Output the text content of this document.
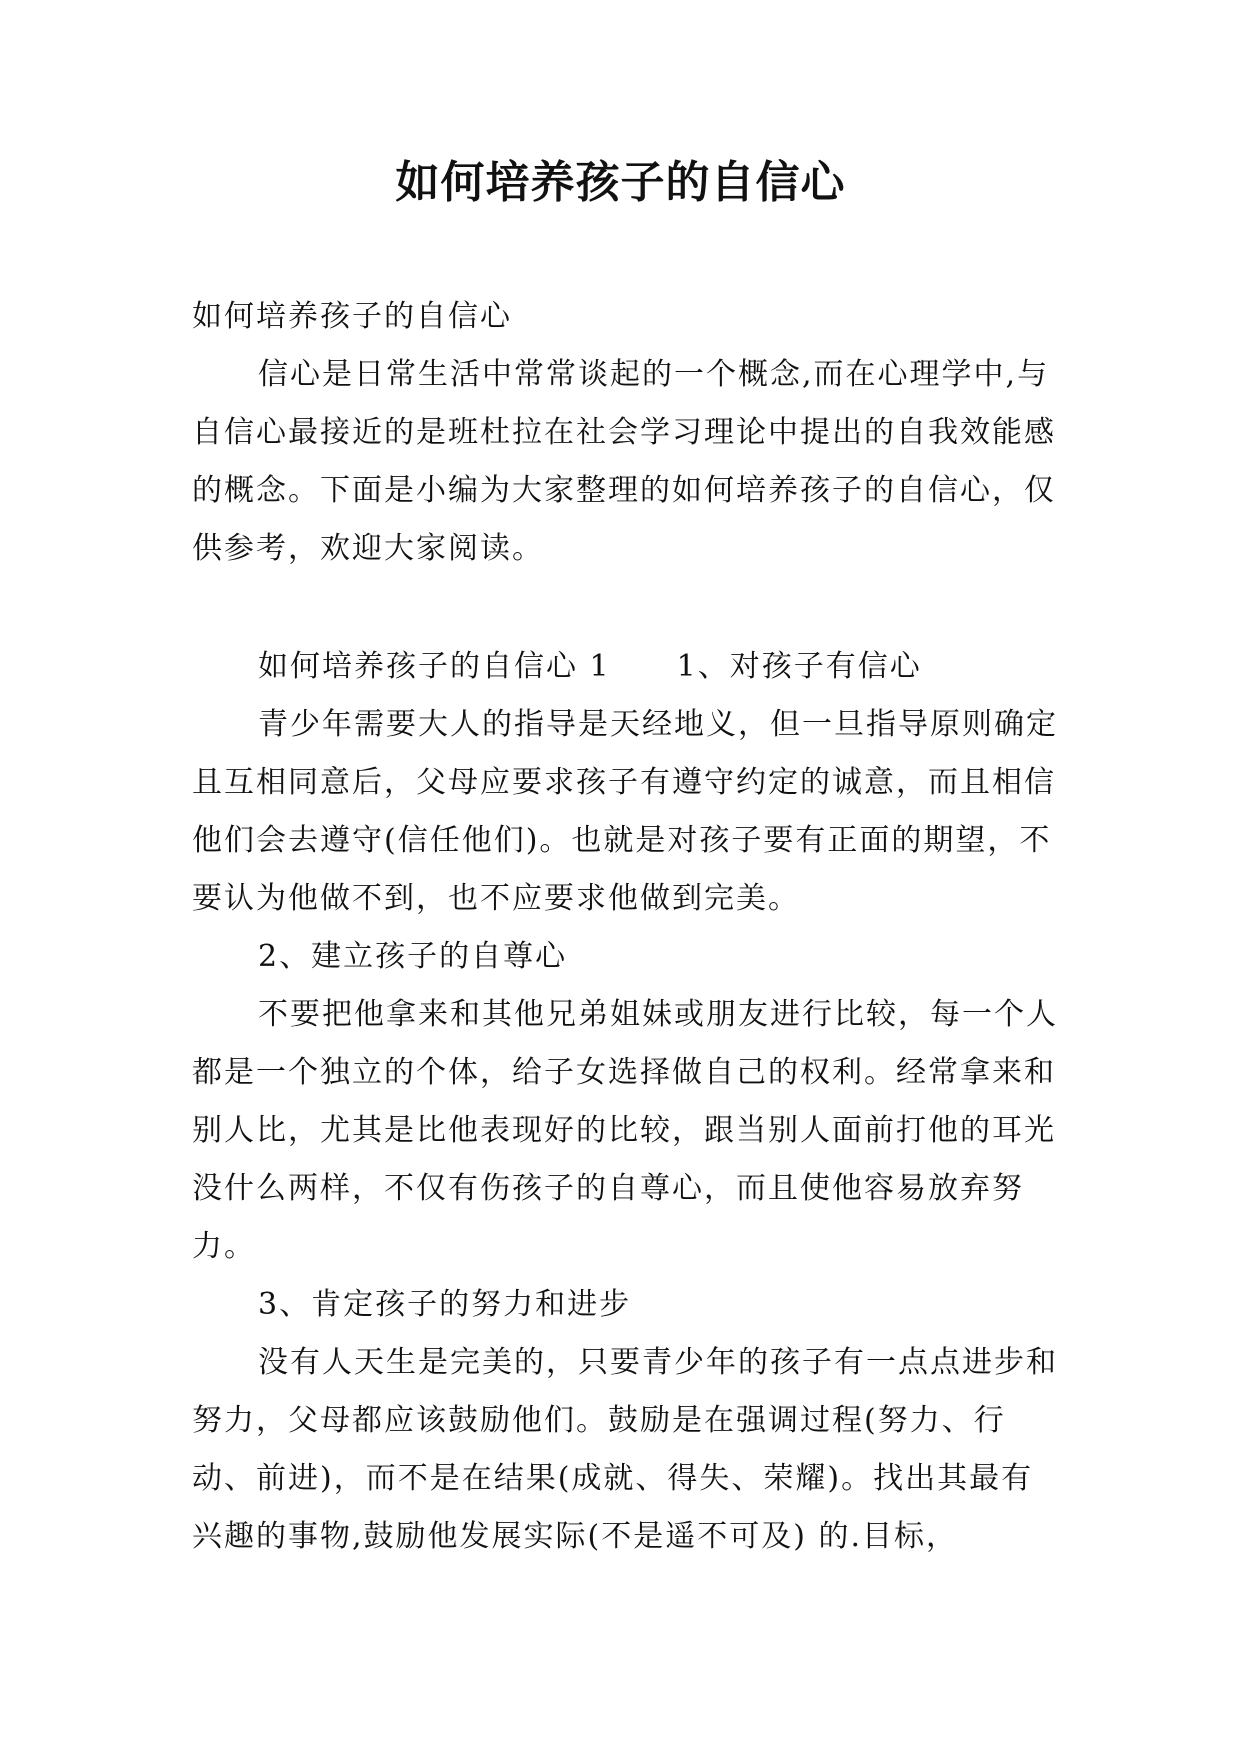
如何培养孩子的自信心

如何培养孩子的自信心

信心是日常生活中常常谈起的一个概念,而在心理学中,与自信心最接近的是班杜拉在社会学习理论中提出的自我效能感的概念。下面是小编为大家整理的如何培养孩子的自信心，仅供参考，欢迎大家阅读。

如何培养孩子的自信心 1 1、对孩子有信心

青少年需要大人的指导是天经地义，但一旦指导原则确定且互相同意后，父母应要求孩子有遵守约定的诚意，而且相信他们会去遵守(信任他们)。也就是对孩子要有正面的期望，不要认为他做不到，也不应要求他做到完美。

2、建立孩子的自尊心

不要把他拿来和其他兄弟姐妹或朋友进行比较，每一个人都是一个独立的个体，给子女选择做自己的权利。经常拿来和别人比，尤其是比他表现好的比较，跟当别人面前打他的耳光没什么两样，不仅有伤孩子的自尊心，而且使他容易放弃努力。

3、肯定孩子的努力和进步

没有人天生是完美的，只要青少年的孩子有一点点进步和努力，父母都应该鼓励他们。鼓励是在强调过程(努力、行动、前进)，而不是在结果(成就、得失、荣耀)。找出其最有兴趣的事物,鼓励他发展实际(不是遥不可及) 的.目标，
